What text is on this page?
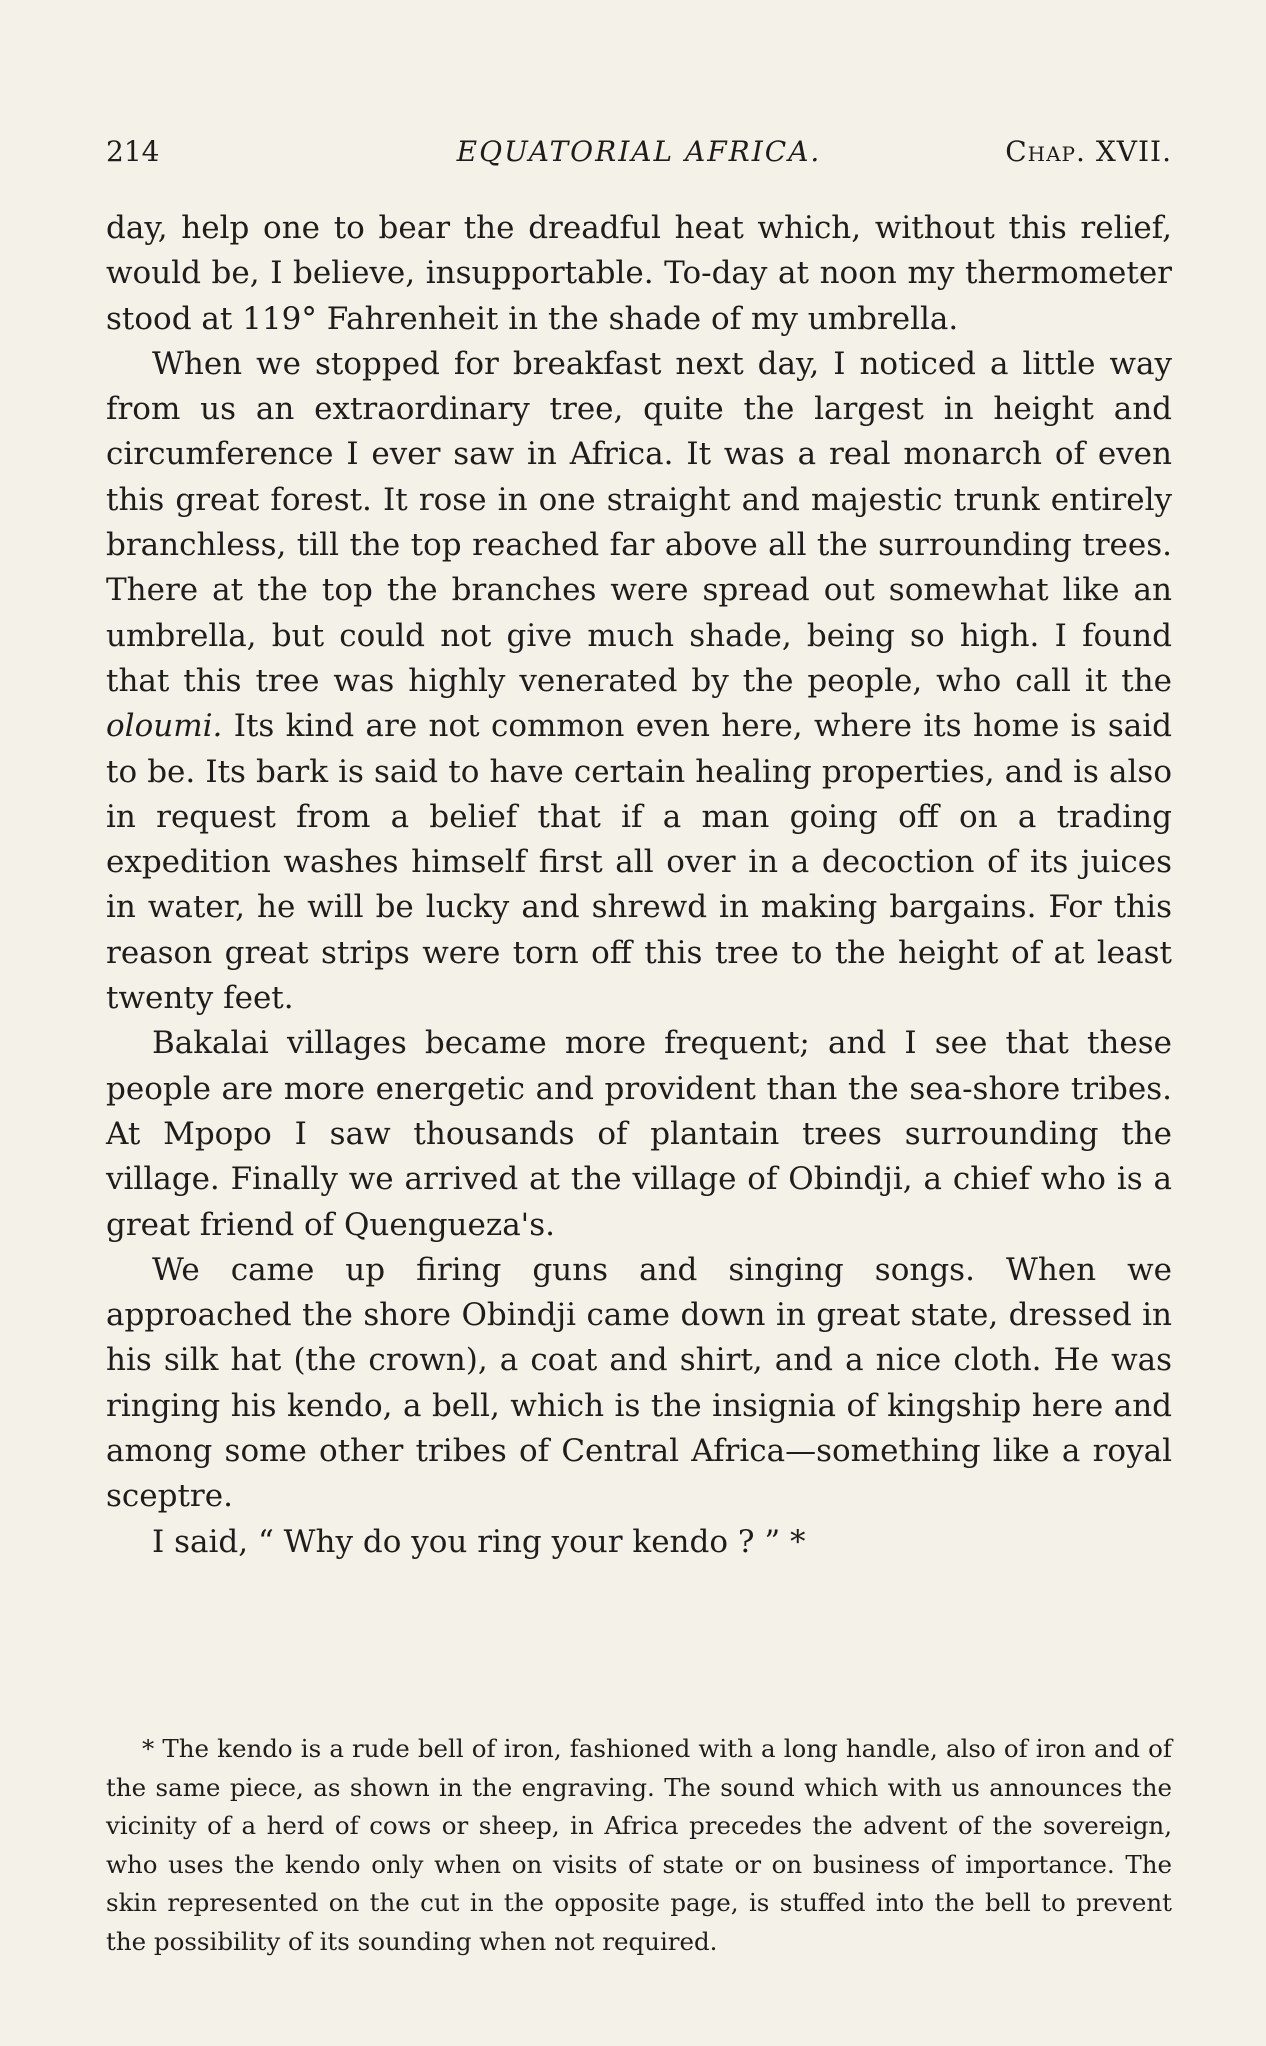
214	EQUATORIAL AFRICA.	Chap. XVII.

day, help one to bear the dreadful heat which, without this relief, would be, I believe, insupportable. To-day at noon my thermometer stood at 119° Fahrenheit in the shade of my umbrella.

When we stopped for breakfast next day, I noticed a little way from us an extraordinary tree, quite the largest in height and circumference I ever saw in Africa. It was a real monarch of even this great forest. It rose in one straight and majestic trunk entirely branchless, till the top reached far above all the surrounding trees. There at the top the branches were spread out somewhat like an umbrella, but could not give much shade, being so high. I found that this tree was highly venerated by the people, who call it the oloumi. Its kind are not common even here, where its home is said to be. Its bark is said to have certain healing properties, and is also in request from a belief that if a man going off on a trading expedition washes himself first all over in a decoction of its juices in water, he will be lucky and shrewd in making bargains. For this reason great strips were torn off this tree to the height of at least twenty feet.

Bakalai villages became more frequent; and I see that these people are more energetic and provident than the sea-shore tribes. At Mpopo I saw thousands of plantain trees surrounding the village. Finally we arrived at the village of Obindji, a chief who is a great friend of Quengueza's.

We came up firing guns and singing songs. When we approached the shore Obindji came down in great state, dressed in his silk hat (the crown), a coat and shirt, and a nice cloth. He was ringing his kendo, a bell, which is the insignia of kingship here and among some other tribes of Central Africa—something like a royal sceptre.

I said, “ Why do you ring your kendo ? ” *

* The kendo is a rude bell of iron, fashioned with a long handle, also of iron and of the same piece, as shown in the engraving. The sound which with us announces the vicinity of a herd of cows or sheep, in Africa precedes the advent of the sovereign, who uses the kendo only when on visits of state or on business of importance. The skin represented on the cut in the opposite page, is stuffed into the bell to prevent the possibility of its sounding when not required.
